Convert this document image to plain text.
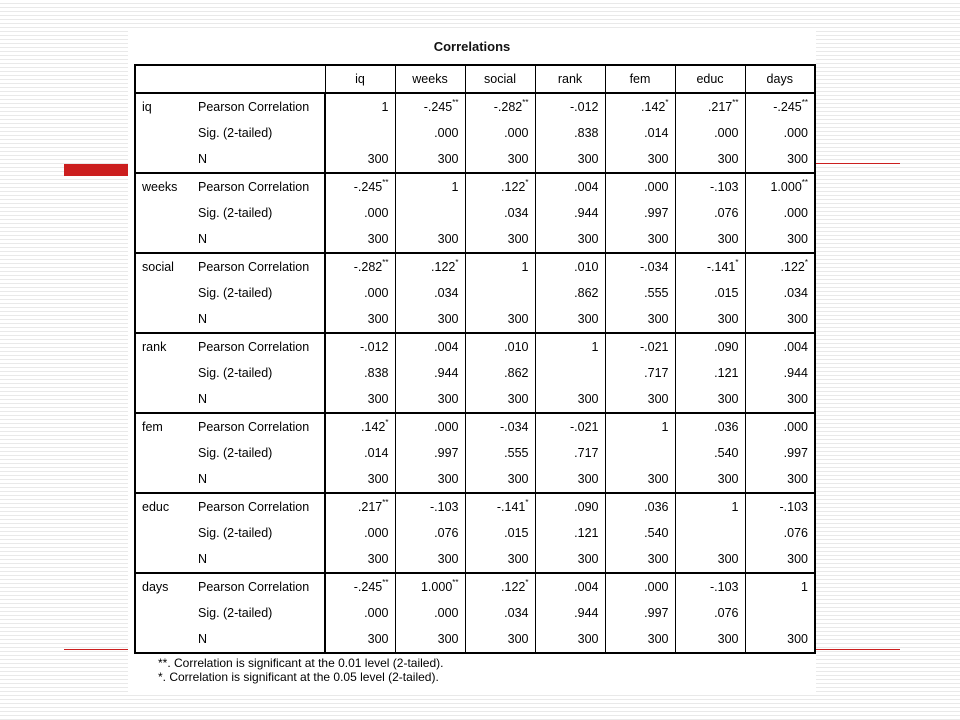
Correlations
		iq	weeks	social	rank	fem	educ	days
iq	Pearson Correlation	1	-.245**	-.282**	-.012	.142*	.217**	-.245**
	Sig. (2-tailed)		.000	.000	.838	.014	.000	.000
	N	300	300	300	300	300	300	300
weeks	Pearson Correlation	-.245**	1	.122*	.004	.000	-.103	1.000**
	Sig. (2-tailed)	.000		.034	.944	.997	.076	.000
	N	300	300	300	300	300	300	300
social	Pearson Correlation	-.282**	.122*	1	.010	-.034	-.141*	.122*
	Sig. (2-tailed)	.000	.034		.862	.555	.015	.034
	N	300	300	300	300	300	300	300
rank	Pearson Correlation	-.012	.004	.010	1	-.021	.090	.004
	Sig. (2-tailed)	.838	.944	.862		.717	.121	.944
	N	300	300	300	300	300	300	300
fem	Pearson Correlation	.142*	.000	-.034	-.021	1	.036	.000
	Sig. (2-tailed)	.014	.997	.555	.717		.540	.997
	N	300	300	300	300	300	300	300
educ	Pearson Correlation	.217**	-.103	-.141*	.090	.036	1	-.103
	Sig. (2-tailed)	.000	.076	.015	.121	.540		.076
	N	300	300	300	300	300	300	300
days	Pearson Correlation	-.245**	1.000**	.122*	.004	.000	-.103	1
	Sig. (2-tailed)	.000	.000	.034	.944	.997	.076	
	N	300	300	300	300	300	300	300
**. Correlation is significant at the 0.01 level (2-tailed).
*. Correlation is significant at the 0.05 level (2-tailed).
